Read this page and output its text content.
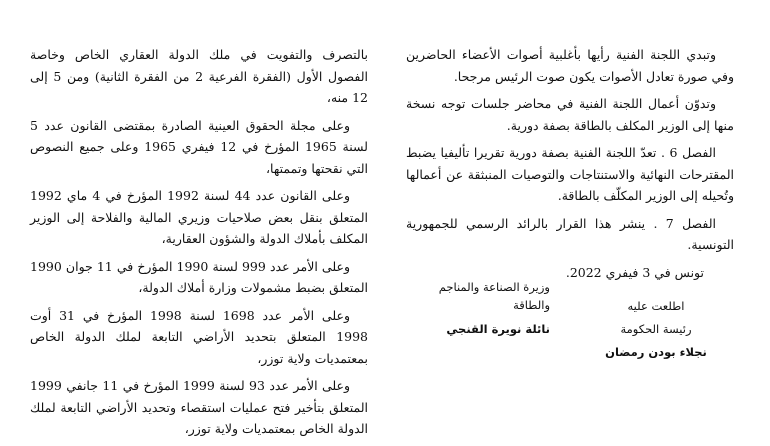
وتبدي اللجنة الفنية رأيها بأغلبية أصوات الأعضاء الحاضرين وفي صورة تعادل الأصوات يكون صوت الرئيس مرجحا.

وتدوّن أعمال اللجنة الفنية في محاضر جلسات توجه نسخة منها إلى الوزير المكلف بالطاقة بصفة دورية.

الفصل 6 . تعدّ اللجنة الفنية بصفة دورية تقريرا تأليفيا يضبط المقترحات النهائية والاستنتاجات والتوصيات المنبثقة عن أعمالها وتُحيله إلى الوزير المكلّف بالطاقة.

الفصل 7 . ينشر هذا القرار بالرائد الرسمي للجمهورية التونسية.

تونس في 3 فيفري 2022.

وزيرة الصناعة والمناجم والطاقة
نائلة نويرة القنجي
اطلعت عليه
رئيسة الحكومة
نجلاء بودن رمضان

بالتصرف والتفويت في ملك الدولة العقاري الخاص وخاصة الفصول الأول (الفقرة الفرعية 2 من الفقرة الثانية) ومن 5 إلى 12 منه،

وعلى مجلة الحقوق العينية الصادرة بمقتضى القانون عدد 5 لسنة 1965 المؤرخ في 12 فيفري 1965 وعلى جميع النصوص التي نقحتها وتممتها،

وعلى القانون عدد 44 لسنة 1992 المؤرخ في 4 ماي 1992 المتعلق بنقل بعض صلاحيات وزيري المالية والفلاحة إلى الوزير المكلف بأملاك الدولة والشؤون العقارية،

وعلى الأمر عدد 999 لسنة 1990 المؤرخ في 11 جوان 1990 المتعلق بضبط مشمولات وزارة أملاك الدولة،

وعلى الأمر عدد 1698 لسنة 1998 المؤرخ في 31 أوت 1998 المتعلق بتحديد الأراضي التابعة لملك الدولة الخاص بمعتمديات ولاية توزر،

وعلى الأمر عدد 93 لسنة 1999 المؤرخ في 11 جانفي 1999 المتعلق بتأخير فتح عمليات استقصاء وتحديد الأراضي التابعة لملك الدولة الخاص بمعتمديات ولاية توزر،
